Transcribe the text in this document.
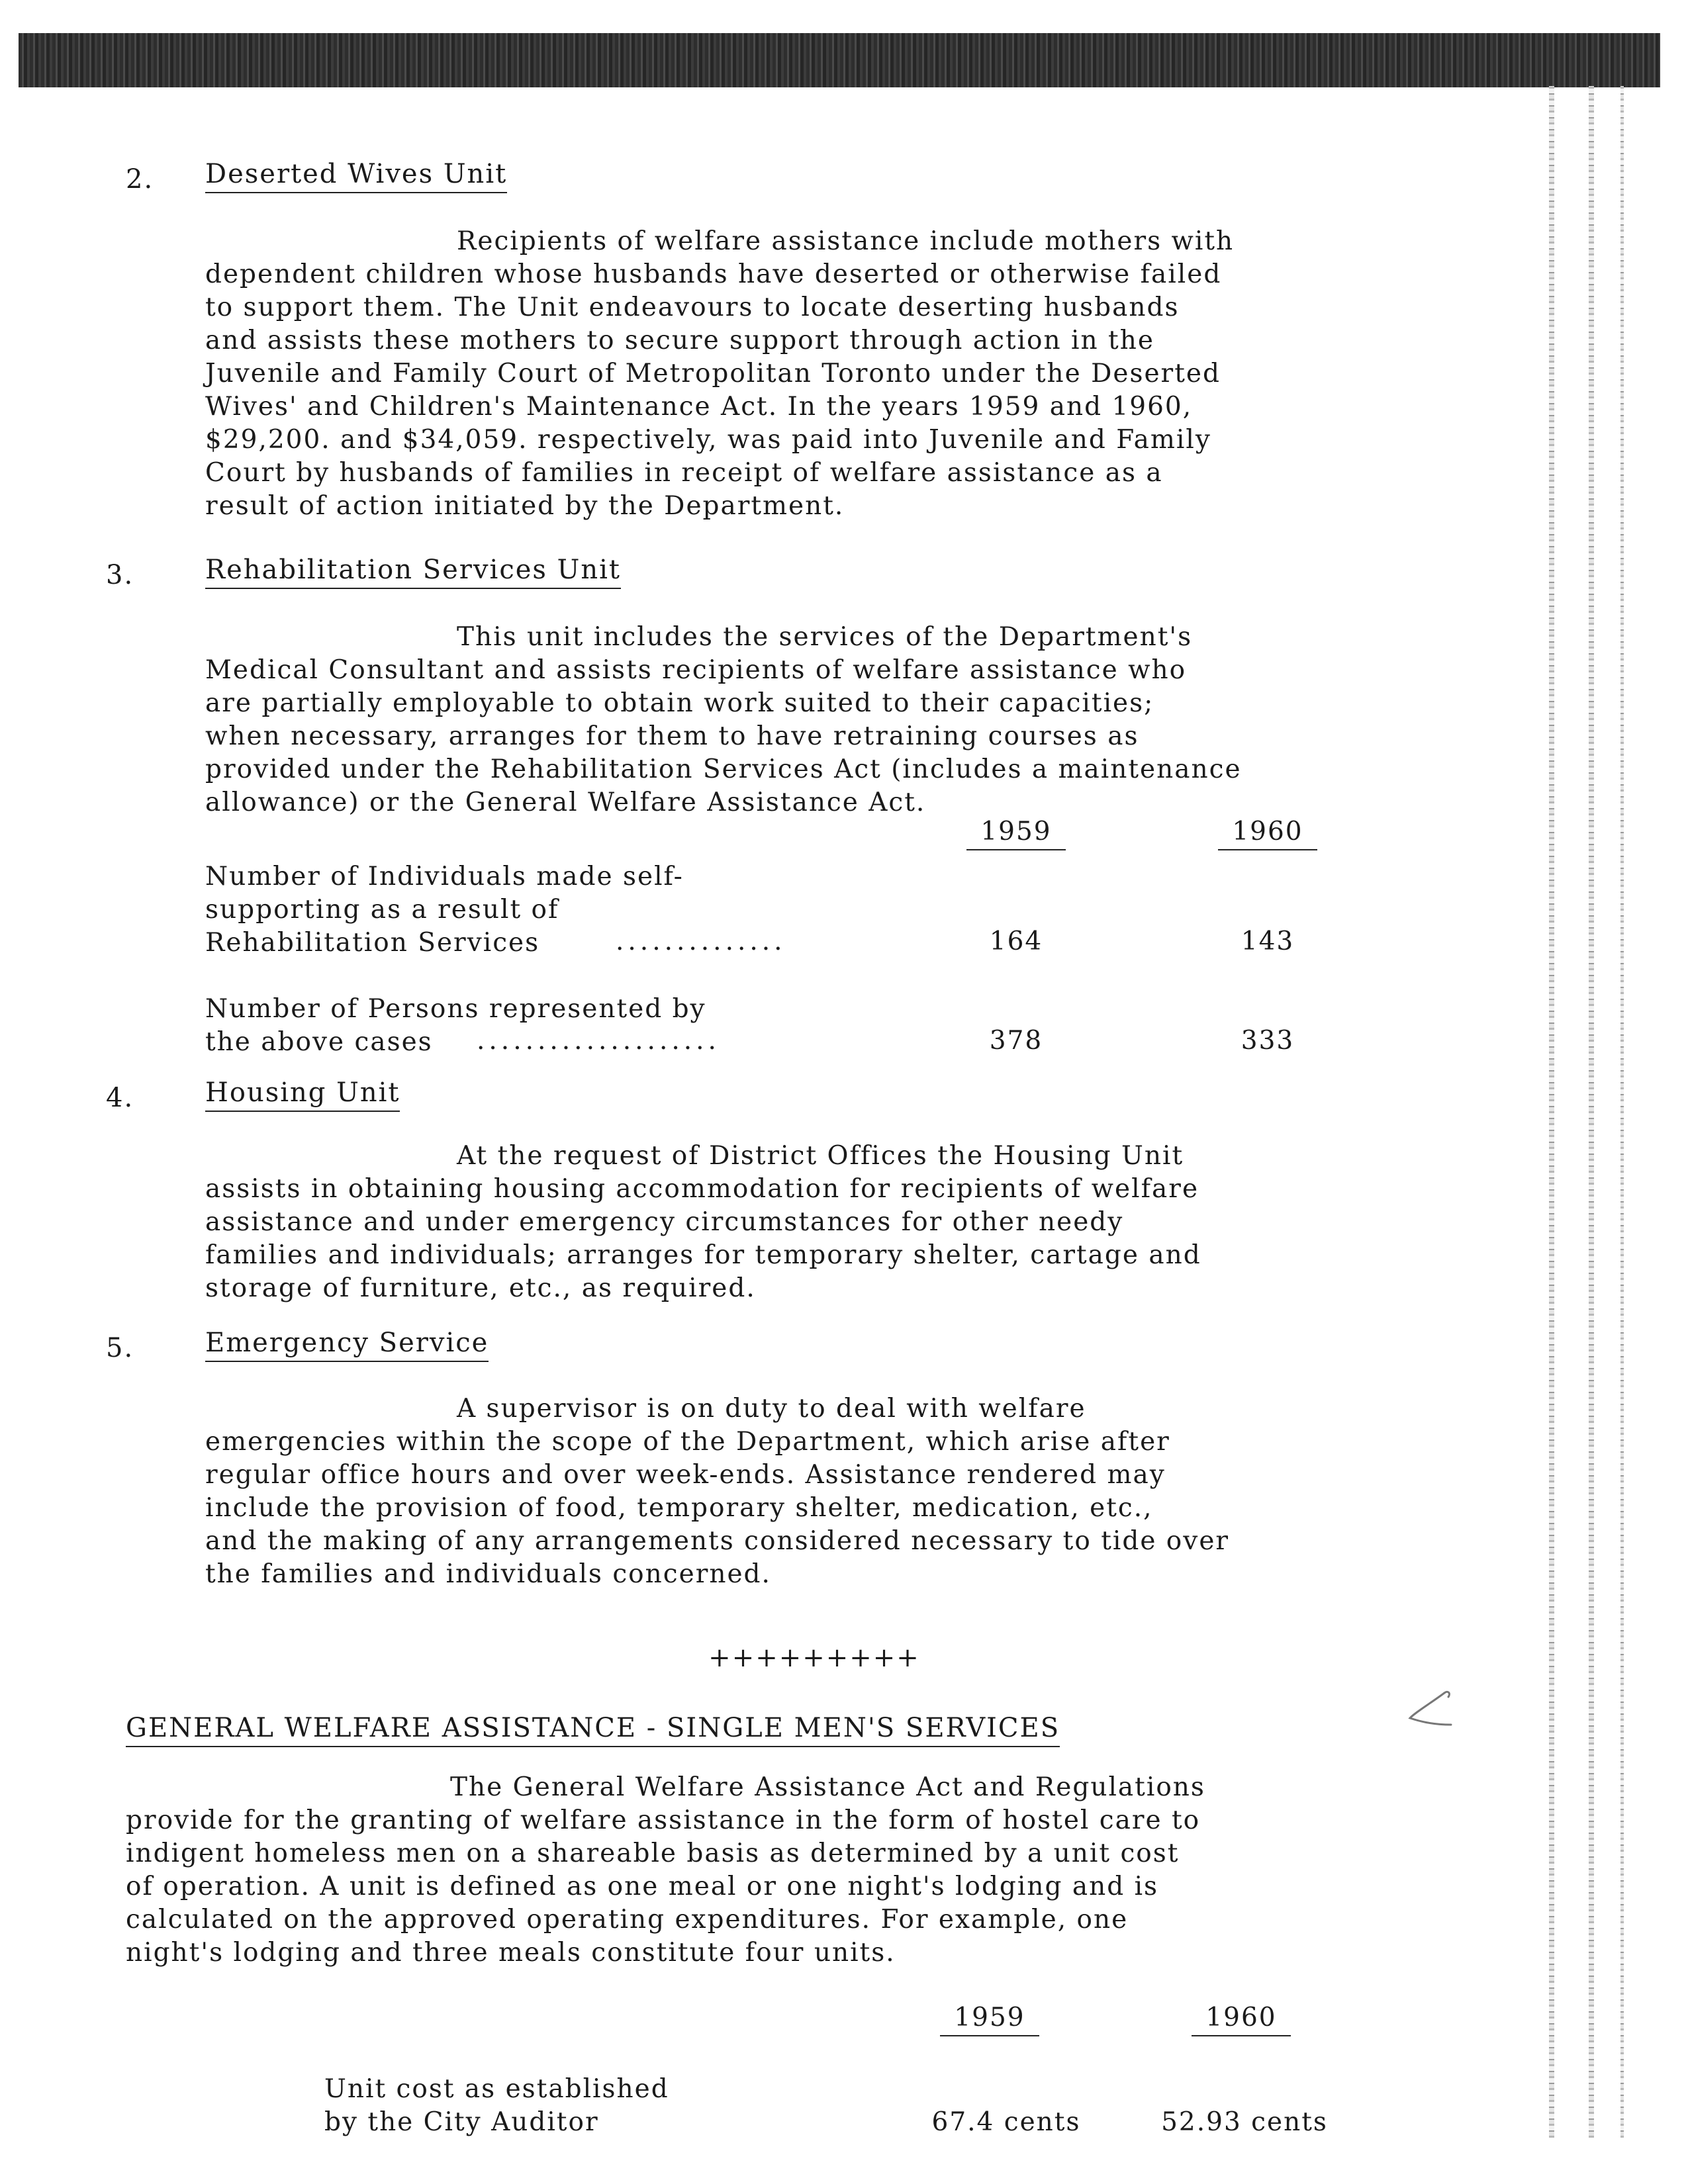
2. Deserted Wives Unit

Recipients of welfare assistance include mothers with
dependent children whose husbands have deserted or otherwise failed
to support them. The Unit endeavours to locate deserting husbands
and assists these mothers to secure support through action in the
Juvenile and Family Court of Metropolitan Toronto under the Deserted
Wives' and Children's Maintenance Act. In the years 1959 and 1960,
$29,200. and $34,059. respectively, was paid into Juvenile and Family
Court by husbands of families in receipt of welfare assistance as a
result of action initiated by the Department.

3.	Rehabilitation Services Unit

This unit includes the services of the Department's
Medical Consultant and assists recipients of welfare assistance who
are partially employable to obtain work suited to their capacities;
when necessary, arranges for them to have retraining courses as
provided under the Rehabilitation Services Act (includes a maintenance
allowance) or the General Welfare Assistance Act.

1959	1960

Number of Individuals made self-
supporting as a result of
Rehabilitation Services	..............	164	143

Number of Persons represented by
the above cases	....................	378	333
4.	Housing Unit

At the request of District Offices the Housing Unit
assists in obtaining housing accommodation for recipients of welfare
assistance and under emergency circumstances for other needy
families and individuals; arranges for temporary shelter, cartage and
storage of furniture, etc., as required.

5.	Emergency Service

A supervisor is on duty to deal with welfare
emergencies within the scope of the Department, which arise after
regular office hours and over week-ends. Assistance rendered may
include the provision of food, temporary shelter, medication, etc.,
and the making of any arrangements considered necessary to tide over
the families and individuals concerned.

+++++++++
GENERAL WELFARE ASSISTANCE - SINGLE MEN'S SERVICES

The General Welfare Assistance Act and Regulations
provide for the granting of welfare assistance in the form of hostel care to
indigent homeless men on a shareable basis as determined by a unit cost
of operation. A unit is defined as one meal or one night's lodging and is
calculated on the approved operating expenditures. For example, one
night's lodging and three meals constitute four units.

1959	1960

Unit cost as established
by the City Auditor	67.4 cents	52.93 cents
